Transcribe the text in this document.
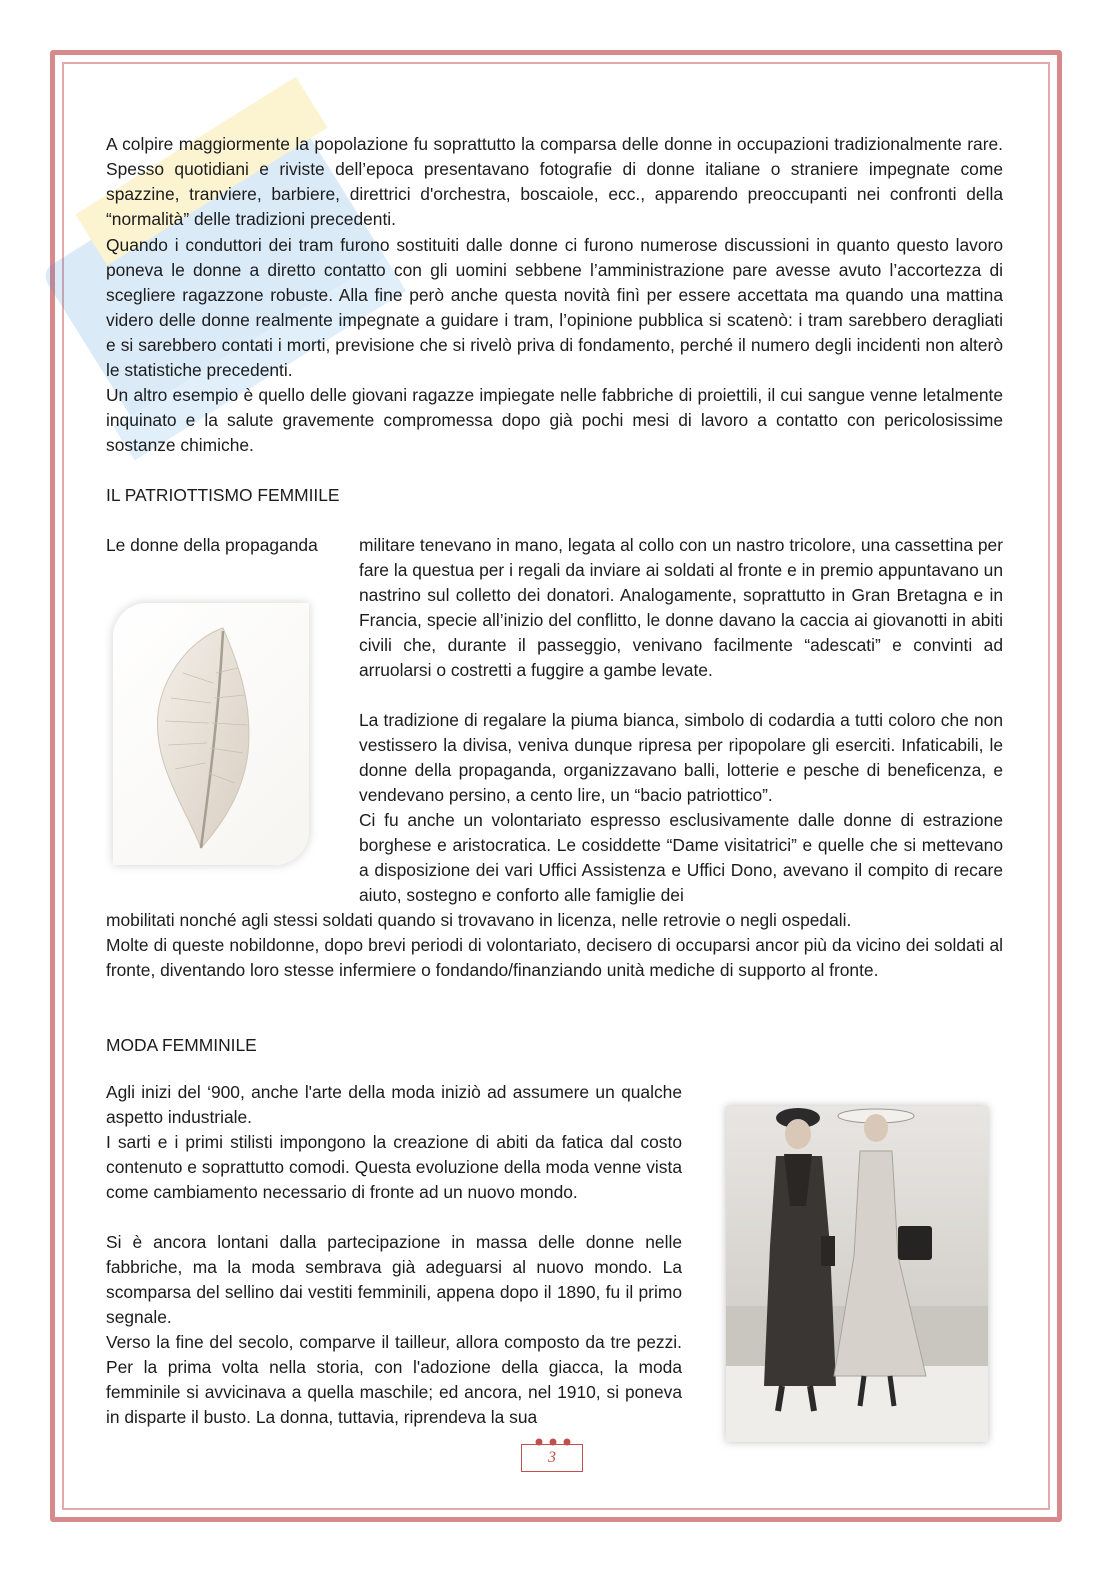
A colpire maggiormente la popolazione fu soprattutto la comparsa delle donne in occupazioni tradizionalmente rare. Spesso quotidiani e riviste dell’epoca presentavano fotografie di donne italiane o straniere impegnate come spazzine, tranviere, barbiere, direttrici d'orchestra, boscaiole, ecc., apparendo preoccupanti nei confronti della “normalità” delle tradizioni precedenti.

Quando i conduttori dei tram furono sostituiti dalle donne ci furono numerose discussioni in quanto questo lavoro poneva le donne a diretto contatto con gli uomini sebbene l’amministrazione pare avesse avuto l’accortezza di scegliere ragazzone robuste. Alla fine però anche questa novità finì per essere accettata ma quando una mattina videro delle donne realmente impegnate a guidare i tram, l’opinione pubblica si scatenò: i tram sarebbero deragliati e si sarebbero contati i morti, previsione che si rivelò priva di fondamento, perché il numero degli incidenti non alterò le statistiche precedenti.

Un altro esempio è quello delle giovani ragazze impiegate nelle fabbriche di proiettili, il cui sangue venne letalmente inquinato e la salute gravemente compromessa dopo già pochi mesi di lavoro a contatto con pericolosissime sostanze chimiche.

IL PATRIOTTISMO FEMMIILE

Le donne della propaganda militare tenevano in mano, legata al collo con un nastro tricolore, una cassettina per fare la questua per i regali da inviare ai soldati al fronte e in premio appuntavano un nastrino sul colletto dei donatori. Analogamente, soprattutto in Gran Bretagna e in Francia, specie all’inizio del conflitto, le donne davano la caccia ai giovanotti in abiti civili che, durante il passeggio, venivano facilmente “adescati” e convinti ad arruolarsi o costretti a fuggire a gambe levate.

La tradizione di regalare la piuma bianca, simbolo di codardia a tutti coloro che non vestissero la divisa, veniva dunque ripresa per ripopolare gli eserciti. Infaticabili, le donne della propaganda, organizzavano balli, lotterie e pesche di beneficenza, e vendevano persino, a cento lire, un “bacio patriottico”.

Ci fu anche un volontariato espresso esclusivamente dalle donne di estrazione borghese e aristocratica. Le cosiddette “Dame visitatrici” e quelle che si mettevano a disposizione dei vari Uffici Assistenza e Uffici Dono, avevano il compito di recare aiuto, sostegno e conforto alle famiglie dei

mobilitati nonché agli stessi soldati quando si trovavano in licenza, nelle retrovie o negli ospedali.

Molte di queste nobildonne, dopo brevi periodi di volontariato, decisero di occuparsi ancor più da vicino dei soldati al fronte, diventando loro stesse infermiere o fondando/finanziando unità mediche di supporto al fronte.

MODA FEMMINILE

Agli inizi del ‘900, anche l'arte della moda iniziò ad assumere un qualche aspetto industriale.

I sarti e i primi stilisti impongono la creazione di abiti da fatica dal costo contenuto e soprattutto comodi. Questa evoluzione della moda venne vista come cambiamento necessario di fronte ad un nuovo mondo.

Si è ancora lontani dalla partecipazione in massa delle donne nelle fabbriche, ma la moda sembrava già adeguarsi al nuovo mondo. La scomparsa del sellino dai vestiti femminili, appena dopo il 1890, fu il primo segnale.

Verso la fine del secolo, comparve il tailleur, allora composto da tre pezzi. Per la prima volta nella storia, con l'adozione della giacca, la moda femminile si avvicinava a quella maschile; ed ancora, nel 1910, si poneva in disparte il busto. La donna, tuttavia, riprendeva la sua

3
